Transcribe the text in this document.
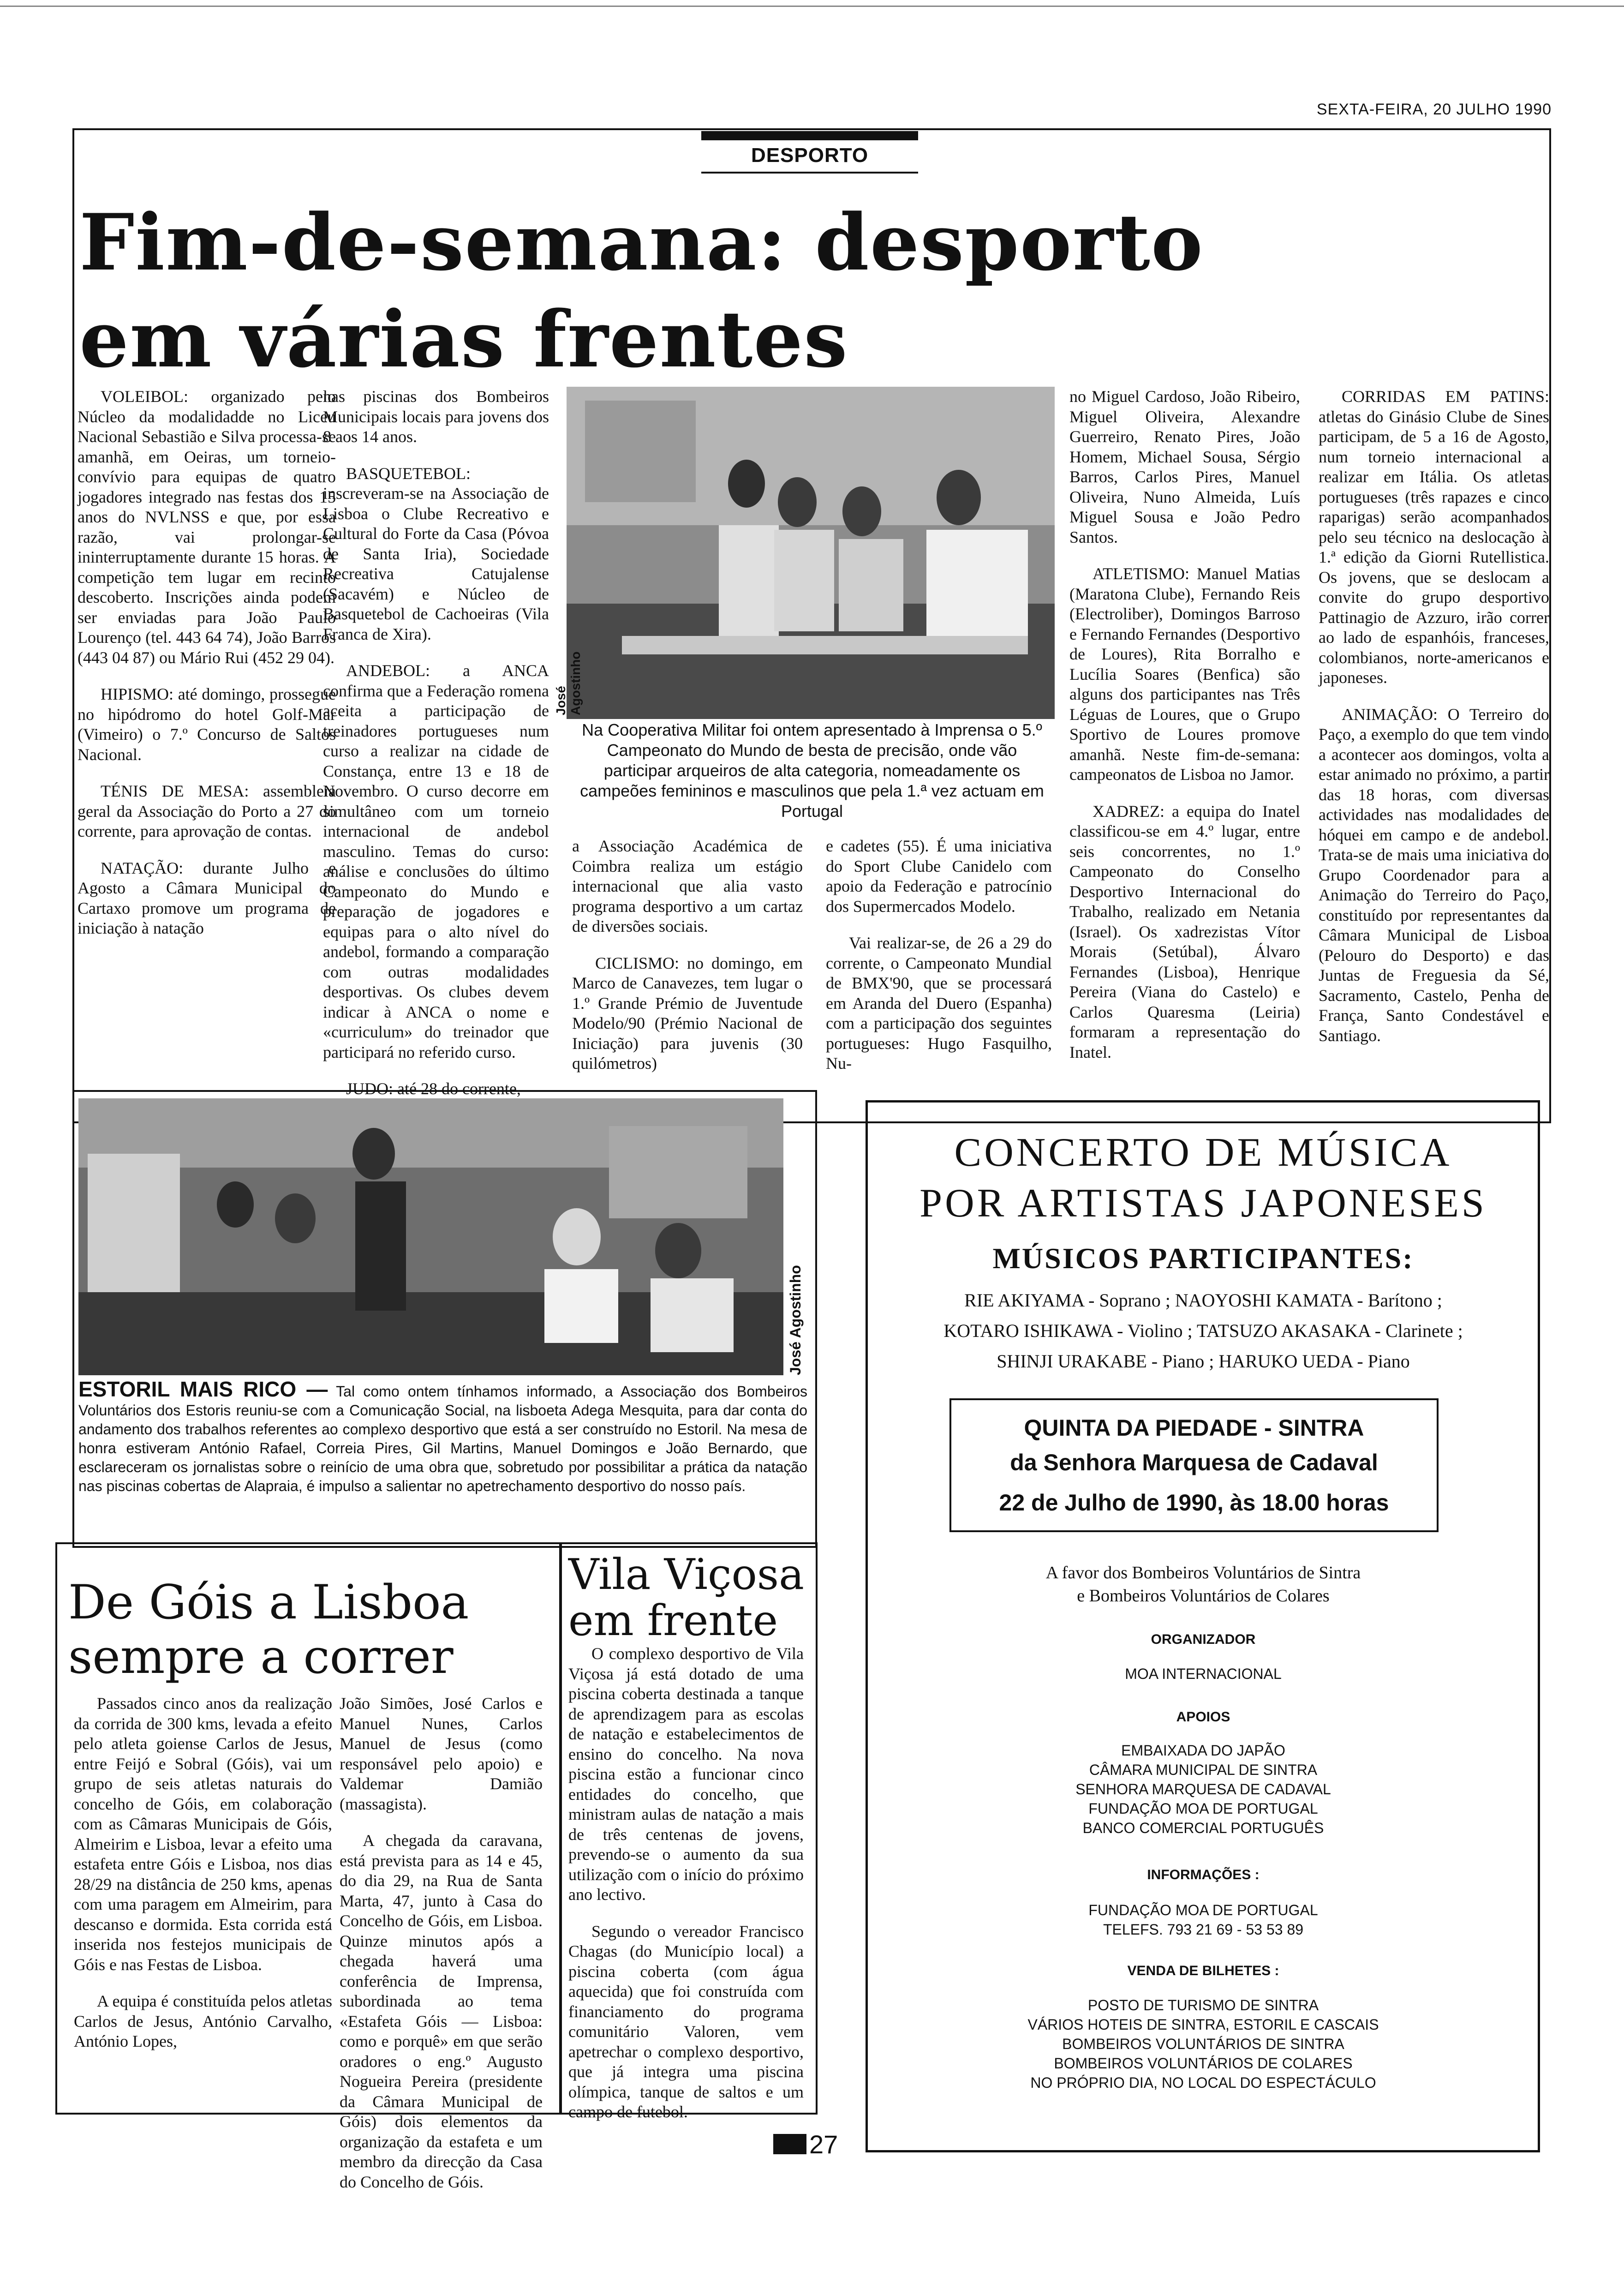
SEXTA-FEIRA, 20 JULHO 1990
DESPORTO
Fim-de-semana: desporto
em várias frentes

VOLEIBOL: organizado pelo Núcleo da modalidadde no Liceu Nacional Sebastião e Silva processa-se amanhã, em Oeiras, um torneio-convívio para equipas de quatro jogadores integrado nas festas dos 15 anos do NVLNSS e que, por essa razão, vai prolongar-se ininterruptamente durante 15 horas. A competição tem lugar em recinto descoberto. Inscrições ainda podem ser enviadas para João Paulo Lourenço (tel. 443 64 74), João Barros (443 04 87) ou Mário Rui (452 29 04).

HIPISMO: até domingo, prossegue no hipódromo do hotel Golf-Mar (Vimeiro) o 7.º Concurso de Saltos Nacional.

TÉNIS DE MESA: assembleia geral da Associação do Porto a 27 do corrente, para aprovação de contas.

NATAÇÃO: durante Julho e Agosto a Câmara Municipal do Cartaxo promove um programa de iniciação à natação

nas piscinas dos Bombeiros Municipais locais para jovens dos 8 aos 14 anos.

BASQUETEBOL: inscreveram-se na Associação de Lisboa o Clube Recreativo e Cultural do Forte da Casa (Póvoa de Santa Iria), Sociedade Recreativa Catujalense (Sacavém) e Núcleo de Basquetebol de Cachoeiras (Vila Franca de Xira).

ANDEBOL: a ANCA confirma que a Federação romena aceita a participação de treinadores portugueses num curso a realizar na cidade de Constança, entre 13 e 18 de Novembro. O curso decorre em simultâneo com um torneio internacional de andebol masculino. Temas do curso: análise e conclusões do último Campeonato do Mundo e preparação de jogadores e equipas para o alto nível do andebol, formando a comparação com outras modalidades desportivas. Os clubes devem indicar à ANCA o nome e «curriculum» do treinador que participará no referido curso.

JUDO: até 28 do corrente,

José Agostinho
Na Cooperativa Militar foi ontem apresentado à Imprensa o 5.º Campeonato do Mundo de besta de precisão, onde vão participar arqueiros de alta categoria, nomeadamente os campeões femininos e masculinos que pela 1.ª vez actuam em Portugal

a Associação Académica de Coimbra realiza um estágio internacional que alia vasto programa desportivo a um cartaz de diversões sociais.

CICLISMO: no domingo, em Marco de Canavezes, tem lugar o 1.º Grande Prémio de Juventude Modelo/90 (Prémio Nacional de Iniciação) para juvenis (30 quilómetros)

e cadetes (55). É uma iniciativa do Sport Clube Canidelo com apoio da Federação e patrocínio dos Supermercados Modelo.

Vai realizar-se, de 26 a 29 do corrente, o Campeonato Mundial de BMX'90, que se processará em Aranda del Duero (Espanha) com a participação dos seguintes portugueses: Hugo Fasquilho, Nu-

no Miguel Cardoso, João Ribeiro, Miguel Oliveira, Alexandre Guerreiro, Renato Pires, João Homem, Michael Sousa, Sérgio Barros, Carlos Pires, Manuel Oliveira, Nuno Almeida, Luís Miguel Sousa e João Pedro Santos.

ATLETISMO: Manuel Matias (Maratona Clube), Fernando Reis (Electroliber), Domingos Barroso e Fernando Fernandes (Desportivo de Loures), Rita Borralho e Lucília Soares (Benfica) são alguns dos participantes nas Três Léguas de Loures, que o Grupo Sportivo de Loures promove amanhã. Neste fim-de-semana: campeonatos de Lisboa no Jamor.

XADREZ: a equipa do Inatel classificou-se em 4.º lugar, entre seis concorrentes, no 1.º Campeonato do Conselho Desportivo Internacional do Trabalho, realizado em Netania (Israel). Os xadrezistas Vítor Morais (Setúbal), Álvaro Fernandes (Lisboa), Henrique Pereira (Viana do Castelo) e Carlos Quaresma (Leiria) formaram a representação do Inatel.

CORRIDAS EM PATINS: atletas do Ginásio Clube de Sines participam, de 5 a 16 de Agosto, num torneio internacional a realizar em Itália. Os atletas portugueses (três rapazes e cinco raparigas) serão acompanhados pelo seu técnico na deslocação à 1.ª edição da Giorni Rutellistica. Os jovens, que se deslocam a convite do grupo desportivo Pattinagio de Azzuro, irão correr ao lado de espanhóis, franceses, colombianos, norte-americanos e japoneses.

ANIMAÇÃO: O Terreiro do Paço, a exemplo do que tem vindo a acontecer aos domingos, volta a estar animado no próximo, a partir das 18 horas, com diversas actividades nas modalidades de hóquei em campo e de andebol. Trata-se de mais uma iniciativa do Grupo Coordenador para a Animação do Terreiro do Paço, constituído por representantes da Câmara Municipal de Lisboa (Pelouro do Desporto) e das Juntas de Freguesia da Sé, Sacramento, Castelo, Penha de França, Santo Condestável e Santiago.

José Agostinho
ESTORIL MAIS RICO — Tal como ontem tínhamos informado, a Associação dos Bombeiros Voluntários dos Estoris reuniu-se com a Comunicação Social, na lisboeta Adega Mesquita, para dar conta do andamento dos trabalhos referentes ao complexo desportivo que está a ser construído no Estoril. Na mesa de honra estiveram António Rafael, Correia Pires, Gil Martins, Manuel Domingos e João Bernardo, que esclareceram os jornalistas sobre o reinício de uma obra que, sobretudo por possibilitar a prática da natação nas piscinas cobertas de Alapraia, é impulso a salientar no apetrechamento desportivo do nosso país.
De Góis a Lisboa
sempre a correr

Passados cinco anos da realização da corrida de 300 kms, levada a efeito pelo atleta goiense Carlos de Jesus, entre Feijó e Sobral (Góis), vai um grupo de seis atletas naturais do concelho de Góis, em colaboração com as Câmaras Municipais de Góis, Almeirim e Lisboa, levar a efeito uma estafeta entre Góis e Lisboa, nos dias 28/29 na distância de 250 kms, apenas com uma paragem em Almeirim, para descanso e dormida. Esta corrida está inserida nos festejos municipais de Góis e nas Festas de Lisboa.

A equipa é constituída pelos atletas Carlos de Jesus, António Carvalho, António Lopes,

João Simões, José Carlos e Manuel Nunes, Carlos Manuel de Jesus (como responsável pelo apoio) e Valdemar Damião (massagista).

A chegada da caravana, está prevista para as 14 e 45, do dia 29, na Rua de Santa Marta, 47, junto à Casa do Concelho de Góis, em Lisboa. Quinze minutos após a chegada haverá uma conferência de Imprensa, subordinada ao tema «Estafeta Góis — Lisboa: como e porquê» em que serão oradores o eng.º Augusto Nogueira Pereira (presidente da Câmara Municipal de Góis) dois elementos da organização da estafeta e um membro da direcção da Casa do Concelho de Góis.

Vila Viçosa
em frente

O complexo desportivo de Vila Viçosa já está dotado de uma piscina coberta destinada a tanque de aprendizagem para as escolas de natação e estabelecimentos de ensino do concelho. Na nova piscina estão a funcionar cinco entidades do concelho, que ministram aulas de natação a mais de três centenas de jovens, prevendo-se o aumento da sua utilização com o início do próximo ano lectivo.

Segundo o vereador Francisco Chagas (do Município local) a piscina coberta (com água aquecida) que foi construída com financiamento do programa comunitário Valoren, vem apetrechar o complexo desportivo, que já integra uma piscina olímpica, tanque de saltos e um campo de futebol.

CONCERTO DE MÚSICA
POR ARTISTAS JAPONESES
MÚSICOS PARTICIPANTES:
RIE AKIYAMA - Soprano ; NAOYOSHI KAMATA - Barítono ;
KOTARO ISHIKAWA - Violino ; TATSUZO AKASAKA - Clarinete ;
SHINJI URAKABE - Piano ; HARUKO UEDA - Piano
QUINTA DA PIEDADE - SINTRA
da Senhora Marquesa de Cadaval
22 de Julho de 1990, às 18.00 horas
A favor dos Bombeiros Voluntários de Sintra
e Bombeiros Voluntários de Colares
ORGANIZADOR
MOA INTERNACIONAL
APOIOS
EMBAIXADA DO JAPÃO
CÂMARA MUNICIPAL DE SINTRA
SENHORA MARQUESA DE CADAVAL
FUNDAÇÃO MOA DE PORTUGAL
BANCO COMERCIAL PORTUGUÊS
INFORMAÇÕES :
FUNDAÇÃO MOA DE PORTUGAL
TELEFS. 793 21 69 - 53 53 89
VENDA DE BILHETES :
POSTO DE TURISMO DE SINTRA
VÁRIOS HOTEIS DE SINTRA, ESTORIL E CASCAIS
BOMBEIROS VOLUNTÁRIOS DE SINTRA
BOMBEIROS VOLUNTÁRIOS DE COLARES
NO PRÓPRIO DIA, NO LOCAL DO ESPECTÁCULO
27
